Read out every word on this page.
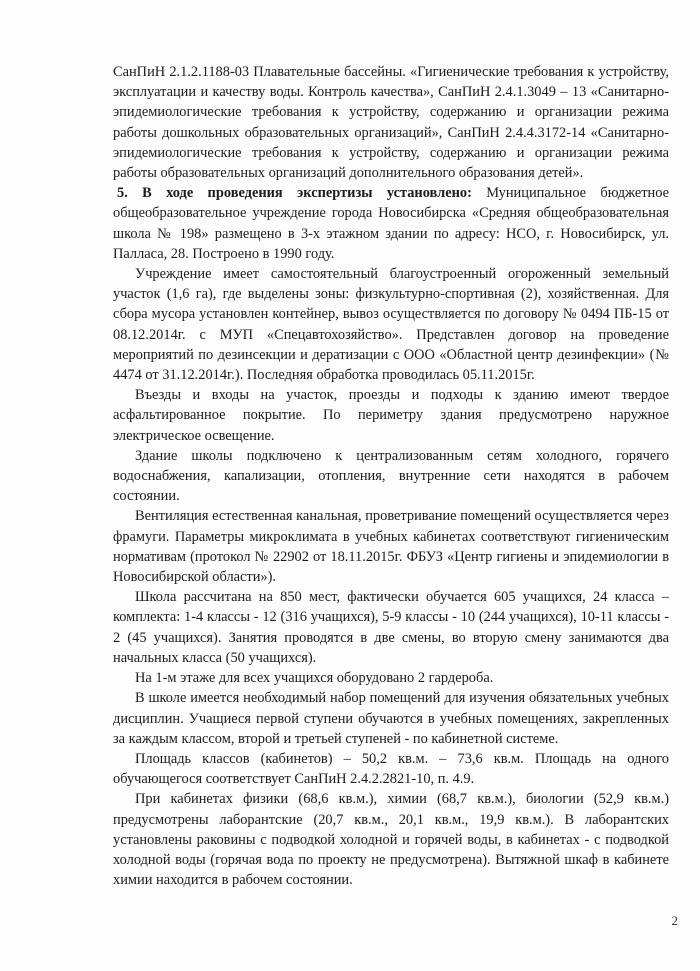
СанПиН 2.1.2.1188-03 Плавательные бассейны. «Гигиенические требования к устройству, эксплуатации и качеству воды. Контроль качества», СанПиН 2.4.1.3049 – 13 «Санитарно-эпидемиологические требования к устройству, содержанию и организации режима работы дошкольных образовательных организаций», СанПиН 2.4.4.3172-14 «Санитарно-эпидемиологические требования к устройству, содержанию и организации режима работы образовательных организаций дополнительного образования детей».

5. В ходе проведения экспертизы установлено: Муниципальное бюджетное общеобразовательное учреждение города Новосибирска «Средняя общеобразовательная школа № 198» размещено в 3-х этажном здании по адресу: НСО, г. Новосибирск, ул. Палласа, 28. Построено в 1990 году.

Учреждение имеет самостоятельный благоустроенный огороженный земельный участок (1,6 га), где выделены зоны: физкультурно-спортивная (2), хозяйственная. Для сбора мусора установлен контейнер, вывоз осуществляется по договору № 0494 ПБ-15 от 08.12.2014г. с МУП «Спецавтохозяйство». Представлен договор на проведение мероприятий по дезинсекции и дератизации с ООО «Областной центр дезинфекции» (№ 4474 от 31.12.2014г.). Последняя обработка проводилась 05.11.2015г.

Въезды и входы на участок, проезды и подходы к зданию имеют твердое асфальтированное покрытие. По периметру здания предусмотрено наружное электрическое освещение.

Здание школы подключено к централизованным сетям холодного, горячего водоснабжения, капализации, отопления, внутренние сети находятся в рабочем состоянии.

Вентиляция естественная канальная, проветривание помещений осуществляется через фрамуги. Параметры микроклимата в учебных кабинетах соответствуют гигиеническим нормативам (протокол № 22902 от 18.11.2015г. ФБУЗ «Центр гигиены и эпидемиологии в Новосибирской области»).

Школа рассчитана на 850 мест, фактически обучается 605 учащихся, 24 класса – комплекта: 1-4 классы - 12 (316 учащихся), 5-9 классы - 10 (244 учащихся), 10-11 классы - 2 (45 учащихся). Занятия проводятся в две смены, во вторую смену занимаются два начальных класса (50 учащихся).

На 1-м этаже для всех учащихся оборудовано 2 гардероба.

В школе имеется необходимый набор помещений для изучения обязательных учебных дисциплин. Учащиеся первой ступени обучаются в учебных помещениях, закрепленных за каждым классом, второй и третьей ступеней - по кабинетной системе.

Площадь классов (кабинетов) – 50,2 кв.м. – 73,6 кв.м. Площадь на одного обучающегося соответствует СанПиН 2.4.2.2821-10, п. 4.9.

При кабинетах физики (68,6 кв.м.), химии (68,7 кв.м.), биологии (52,9 кв.м.) предусмотрены лаборантские (20,7 кв.м., 20,1 кв.м., 19,9 кв.м.). В лаборантских установлены раковины с подводкой холодной и горячей воды, в кабинетах - с подводкой холодной воды (горячая вода по проекту не предусмотрена). Вытяжной шкаф в кабинете химии находится в рабочем состоянии.

2
